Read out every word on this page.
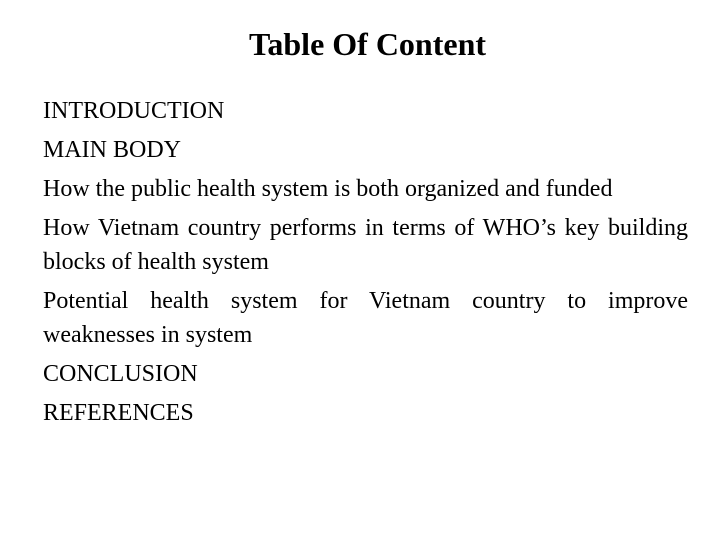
Table Of Content
INTRODUCTION
MAIN BODY
How the public health system is both organized and funded
How Vietnam country performs in terms of WHO’s key building blocks of health system
Potential health system for Vietnam country to improve weaknesses in system
CONCLUSION
REFERENCES
